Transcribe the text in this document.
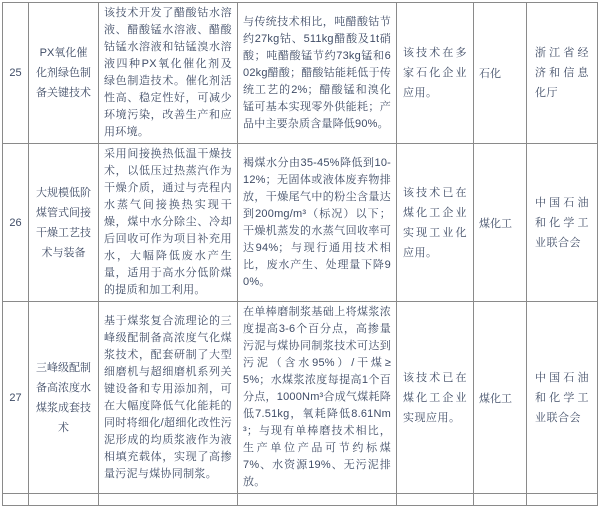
25	PX氧化催化剂绿色制备关键技术	该技术开发了醋酸钴水溶液、醋酸锰水溶液、醋酸钴锰水溶液和钴锰溴水溶液四种PX氧化催化剂及绿色制造技术。催化剂活性高、稳定性好，可减少环境污染，改善生产和应用环境。	与传统技术相比，吨醋酸钴节约27kg钴、511kg醋酸及1t硝酸；吨醋酸锰节约73kg锰和602kg醋酸；醋酸钴能耗低于传统工艺的2%；醋酸锰和溴化锰可基本实现零外供能耗；产品中主要杂质含量降低90%。	该技术在多家石化企业应用。	石化	浙江省经济和信息化厅
26	大规模低阶煤管式间接干燥工艺技术与装备	采用间接换热低温干燥技术，以低压过热蒸汽作为干燥介质，通过与壳程内水蒸气间接换热实现干燥，煤中水分除尘、冷却后回收可作为项目补充用水，大幅降低废水产生量，适用于高水分低阶煤的提质和加工利用。	褐煤水分由35-45%降低到10-12%；无固体或液体废弃物排放，干燥尾气中的粉尘含量达到200mg/m³（标况）以下；干燥机蒸发的水蒸气回收率可达94%；与现行通用技术相比，废水产生、处理量下降90%。	该技术已在煤化工企业实现工业化应用。	煤化工	中国石油和化学工业联合会
27	三峰级配制备高浓度水煤浆成套技术	基于煤浆复合流理论的三峰级配制备高浓度气化煤浆技术，配套研制了大型细磨机与超细磨机系列关键设备和专用添加剂，可在大幅度降低气化能耗的同时将细化/超细化改性污泥形成的均质浆液作为液相填充载体，实现了高掺量污泥与煤协同制浆。	在单棒磨制浆基础上将煤浆浓度提高3-6个百分点，高掺量污泥与煤协同制浆技术可达到污泥（含水95%）/干煤≥5%；水煤浆浓度每提高1个百分点，1000Nm³合成气煤耗降低7.51kg，氧耗降低8.61Nm³；与现有单棒磨技术相比，生产单位产品可节约标煤7%、水资源19%、无污泥排放。	该技术已在煤化工企业实现应用。	煤化工	中国石油和化学工业联合会
